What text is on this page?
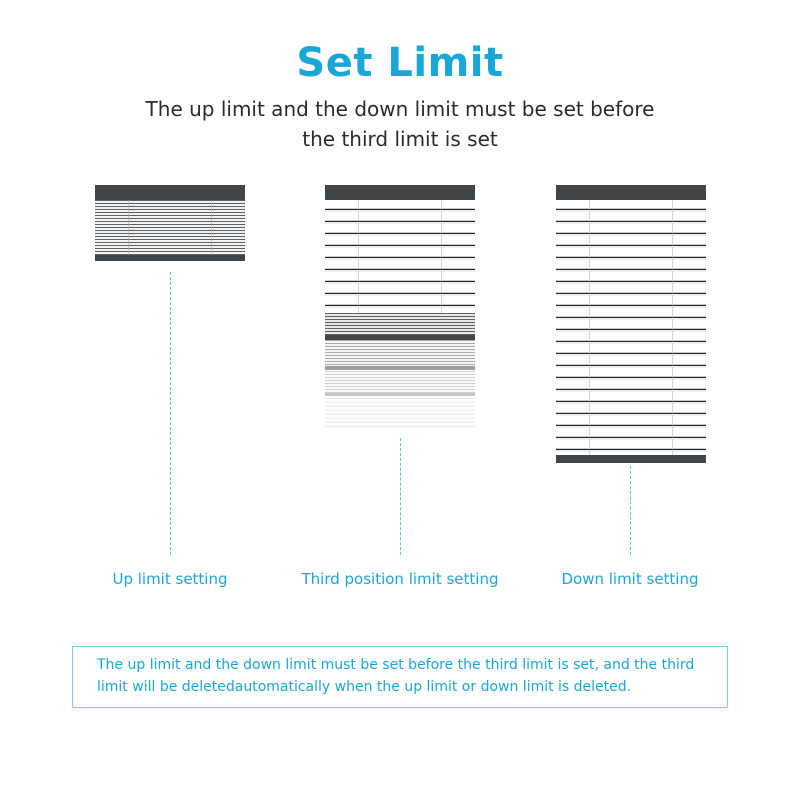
Set Limit

The up limit and the down limit must be set before the third limit is set

Up limit setting	Third position limit setting	Down limit setting
The up limit and the down limit must be set before the third limit is set, and the third limit will be deletedautomatically when the up limit or down limit is deleted.
